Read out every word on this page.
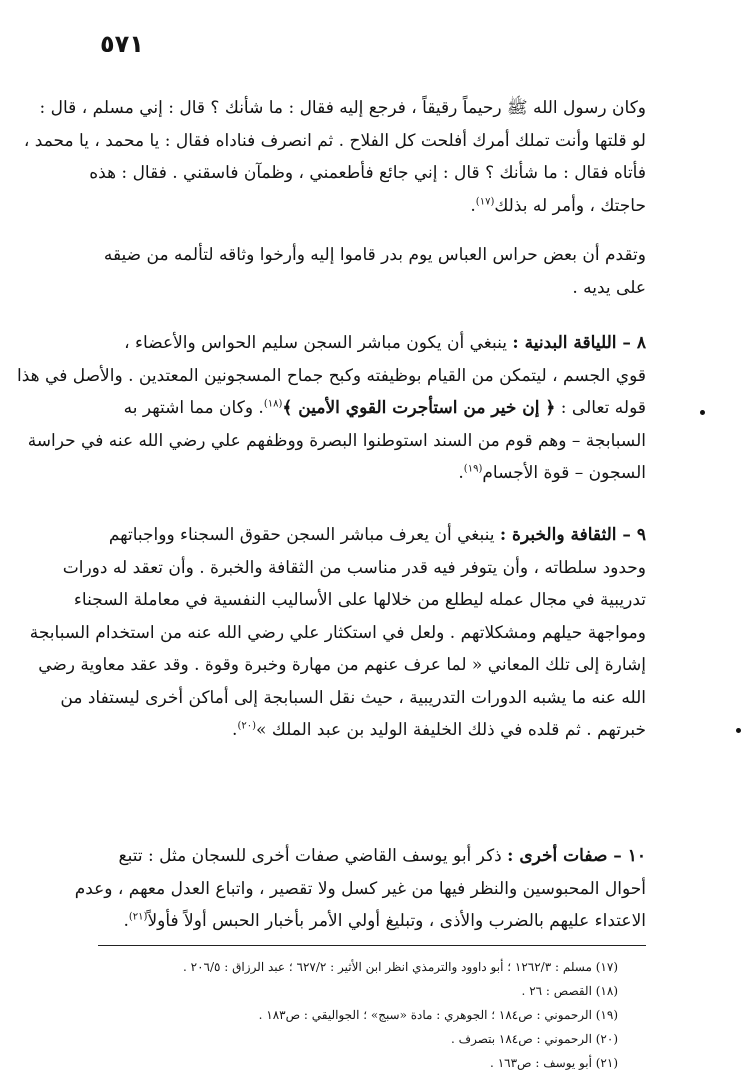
٥٧١
وكان رسول الله ﷺ رحيماً رقيقاً ، فرجع إليه فقال : ما شأنك ؟ قال : إني مسلم ، قال :
لو قلتها وأنت تملك أمرك أفلحت كل الفلاح . ثم انصرف فناداه فقال : يا محمد ، يا محمد ،
فأتاه فقال : ما شأنك ؟ قال : إني جائع فأطعمني ، وظمآن فاسقني . فقال : هذه
حاجتك ، وأمر له بذلك$^{(١٧)}$.
وتقدم أن بعض حراس العباس يوم بدر قاموا إليه وأرخوا وثاقه لتألمه من ضيقه
على يديه .
٨ – اللياقة البدنية : ينبغي أن يكون مباشر السجن سليم الحواس والأعضاء ،
قوي الجسم ، ليتمكن من القيام بوظيفته وكبح جماح المسجونين المعتدين . والأصل في هذا
قوله تعالى : ﴿ إن خير من استأجرت القوي الأمين ﴾$^{(١٨)}$. وكان مما اشتهر به
السبابجة – وهم قوم من السند استوطنوا البصرة ووظفهم علي رضي الله عنه في حراسة
السجون – قوة الأجسام$^{(١٩)}$.
٩ – الثقافة والخبرة : ينبغي أن يعرف مباشر السجن حقوق السجناء وواجباتهم
وحدود سلطاته ، وأن يتوفر فيه قدر مناسب من الثقافة والخبرة . وأن تعقد له دورات
تدريبية في مجال عمله ليطلع من خلالها على الأساليب النفسية في معاملة السجناء
ومواجهة حيلهم ومشكلاتهم . ولعل في استكثار علي رضي الله عنه من استخدام السبابجة
إشارة إلى تلك المعاني « لما عرف عنهم من مهارة وخبرة وقوة . وقد عقد معاوية رضي
الله عنه ما يشبه الدورات التدريبية ، حيث نقل السبابجة إلى أماكن أخرى ليستفاد من
خبرتهم . ثم قلده في ذلك الخليفة الوليد بن عبد الملك »$^{(٢٠)}$.
١٠ – صفات أخرى : ذكر أبو يوسف القاضي صفات أخرى للسجان مثل : تتبع
أحوال المحبوسين والنظر فيها من غير كسل ولا تقصير ، واتباع العدل معهم ، وعدم
الاعتداء عليهم بالضرب والأذى ، وتبليغ أولي الأمر بأخبار الحبس أولاً فأولاً$^{(٢١)}$.
(١٧) مسلم : ١٢٦٢/٣ ؛ أبو داوود والترمذي انظر ابن الأثير : ٦٢٧/٢ ؛ عبد الرزاق : ٢٠٦/٥ .
(١٨) القصص : ٢٦ .
(١٩) الرحموني : ص١٨٤ ؛ الجوهري : مادة «سبج» ؛ الجواليقي : ص١٨٣ .
(٢٠) الرحموني : ص١٨٤ بتصرف .
(٢١) أبو يوسف : ص١٦٣ .
